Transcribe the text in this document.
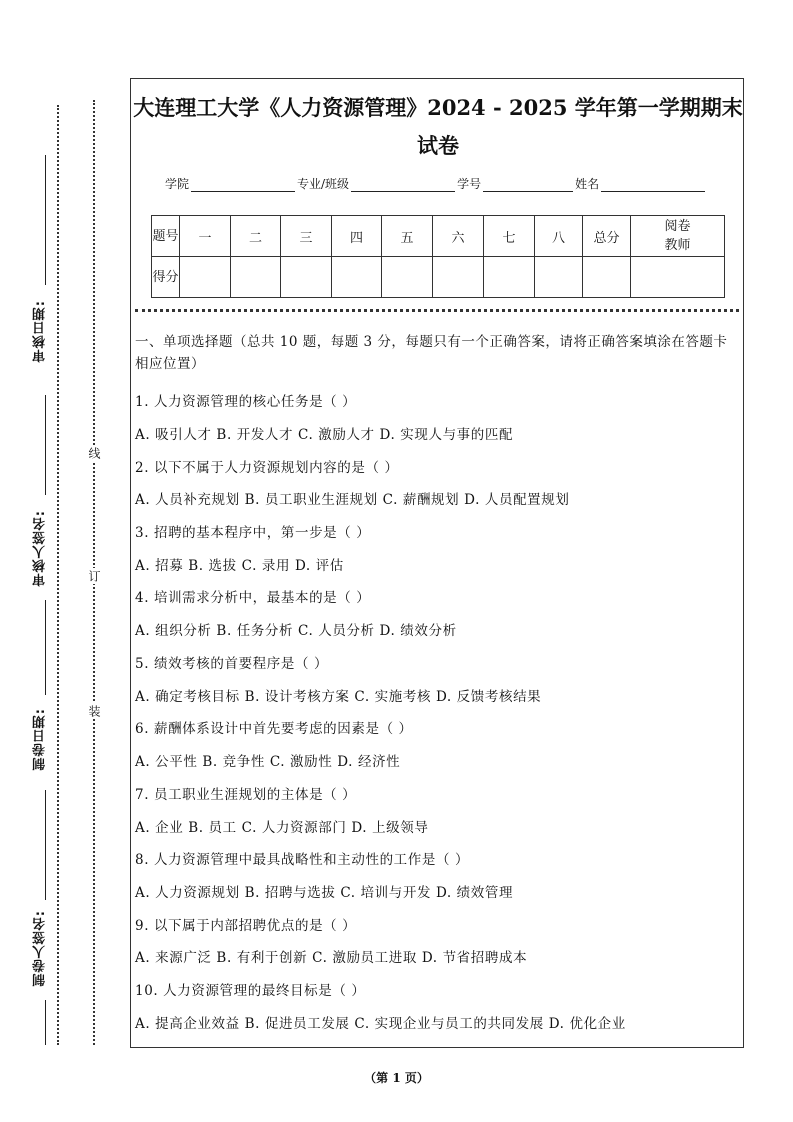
审核日期:
审核人签名:
制卷日期:
制卷人签名:
线
订
装
大连理工大学《人力资源管理》2024 - 2025 学年第一学期期末试卷
学院	专业/班级	学号	姓名
题号	一	二	三	四	五	六	七	八	总分	阅卷教师
得分										
一、单项选择题（总共 10 题，每题 3 分，每题只有一个正确答案，请将正确答案填涂在答题卡相应位置）
1. 人力资源管理的核心任务是（ ）
A. 吸引人才 B. 开发人才 C. 激励人才 D. 实现人与事的匹配
2. 以下不属于人力资源规划内容的是（ ）
A. 人员补充规划 B. 员工职业生涯规划 C. 薪酬规划 D. 人员配置规划
3. 招聘的基本程序中，第一步是（ ）
A. 招募 B. 选拔 C. 录用 D. 评估
4. 培训需求分析中，最基本的是（ ）
A. 组织分析 B. 任务分析 C. 人员分析 D. 绩效分析
5. 绩效考核的首要程序是（ ）
A. 确定考核目标 B. 设计考核方案 C. 实施考核 D. 反馈考核结果
6. 薪酬体系设计中首先要考虑的因素是（ ）
A. 公平性 B. 竞争性 C. 激励性 D. 经济性
7. 员工职业生涯规划的主体是（ ）
A. 企业 B. 员工 C. 人力资源部门 D. 上级领导
8. 人力资源管理中最具战略性和主动性的工作是（ ）
A. 人力资源规划 B. 招聘与选拔 C. 培训与开发 D. 绩效管理
9. 以下属于内部招聘优点的是（ ）
A. 来源广泛 B. 有利于创新 C. 激励员工进取 D. 节省招聘成本
10. 人力资源管理的最终目标是（ ）
A. 提高企业效益 B. 促进员工发展 C. 实现企业与员工的共同发展 D. 优化企业
（第 1 页）
